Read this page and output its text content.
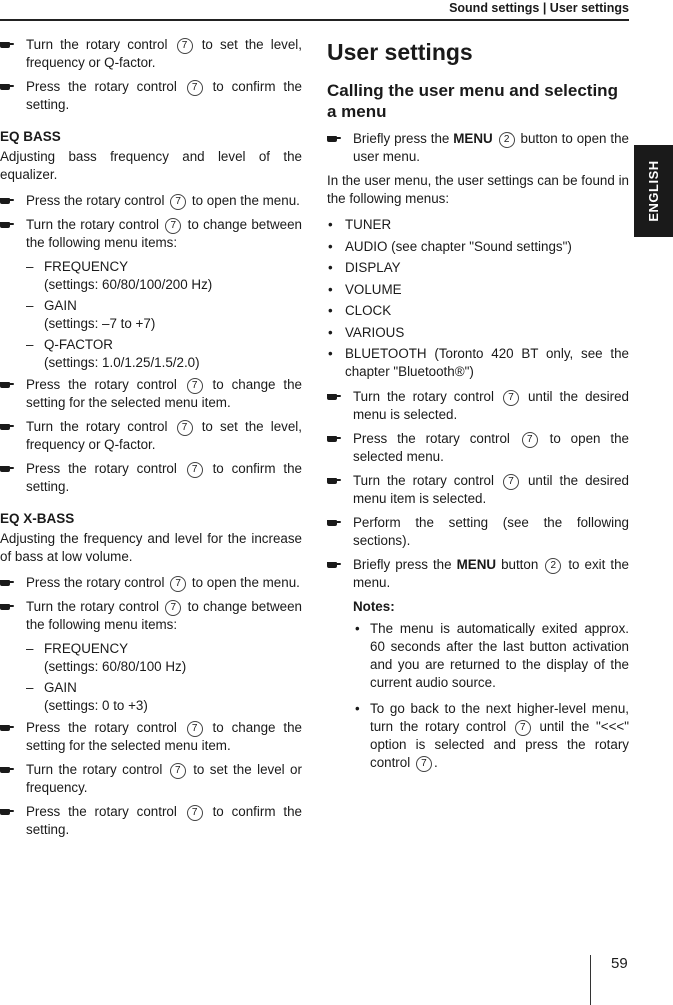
Sound settings | User settings
ENGLISH
Turn the rotary control 7 to set the level, frequency or Q-factor.
Press the rotary control 7 to confirm the setting.
EQ BASS
Adjusting bass frequency and level of the equalizer.
Press the rotary control 7 to open the menu.
Turn the rotary control 7 to change between the following menu items:
– FREQUENCY
(settings: 60/80/100/200 Hz)
– GAIN
(settings: –7 to +7)
– Q-FACTOR
(settings: 1.0/1.25/1.5/2.0)
Press the rotary control 7 to change the setting for the selected menu item.
Turn the rotary control 7 to set the level, frequency or Q-factor.
Press the rotary control 7 to confirm the setting.
EQ X-BASS
Adjusting the frequency and level for the increase of bass at low volume.
Press the rotary control 7 to open the menu.
Turn the rotary control 7 to change between the following menu items:
– FREQUENCY
(settings: 60/80/100 Hz)
– GAIN
(settings: 0 to +3)
Press the rotary control 7 to change the setting for the selected menu item.
Turn the rotary control 7 to set the level or frequency.
Press the rotary control 7 to confirm the setting.
User settings
Calling the user menu and selecting a menu
Briefly press the MENU 2 button to open the user menu.
In the user menu, the user settings can be found in the following menus:
• TUNER
• AUDIO (see chapter "Sound settings")
• DISPLAY
• VOLUME
• CLOCK
• VARIOUS
• BLUETOOTH (Toronto 420 BT only, see the chapter "Bluetooth®")
Turn the rotary control 7 until the desired menu is selected.
Press the rotary control 7 to open the selected menu.
Turn the rotary control 7 until the desired menu item is selected.
Perform the setting (see the following sections).
Briefly press the MENU button 2 to exit the menu.
Notes:
• The menu is automatically exited approx. 60 seconds after the last button activation and you are returned to the display of the current audio source.
• To go back to the next higher-level menu, turn the rotary control 7 until the "<<<" option is selected and press the rotary control 7 .
59
